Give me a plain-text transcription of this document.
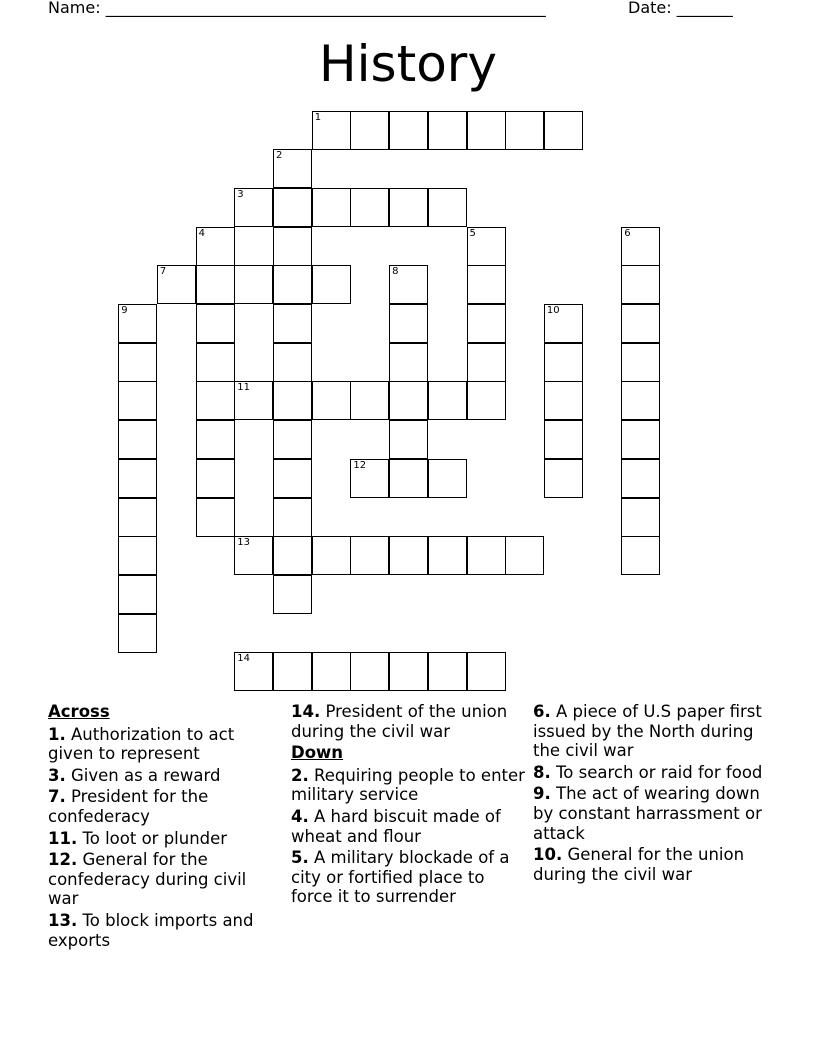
Name: _______________________________________________________	Date: _______
History
1
2
3
4	5	6
7	8
9	10
11
12
13
14
Across
1. Authorization to act given to represent
3. Given as a reward
7. President for the confederacy
11. To loot or plunder
12. General for the confederacy during civil war
13. To block imports and exports
14. President of the union during the civil war
Down
2. Requiring people to enter military service
4. A hard biscuit made of wheat and flour
5. A military blockade of a city or fortified place to force it to surrender
6. A piece of U.S paper first issued by the North during the civil war
8. To search or raid for food
9. The act of wearing down by constant harrassment or attack
10. General for the union during the civil war
